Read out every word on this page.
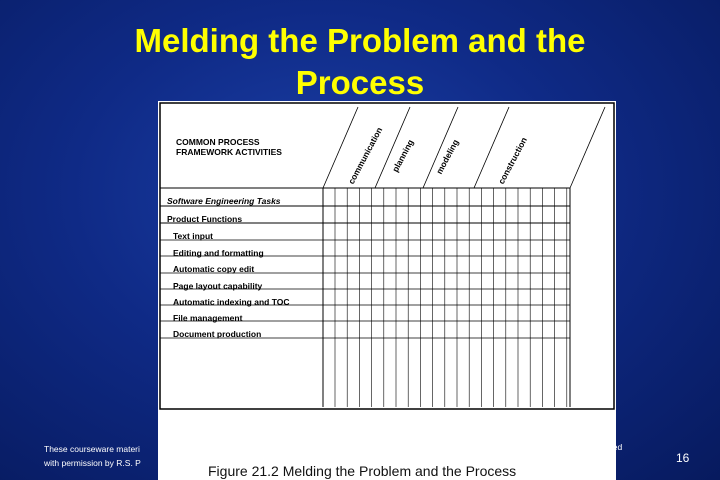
Melding the Problem and the
Process
COMMON PROCESS
FRAMEWORK ACTIVITIES	communication planning modeling	construction
Software Engineering Tasks
Product Functions
Text input
Editing and formatting
Automatic copy edit
Page layout capability
Automatic indexing and TOC
File management
Document production
Figure 21.2 Melding the Problem and the Process
These courseware materi
with permission by R.S. P
ded
16
